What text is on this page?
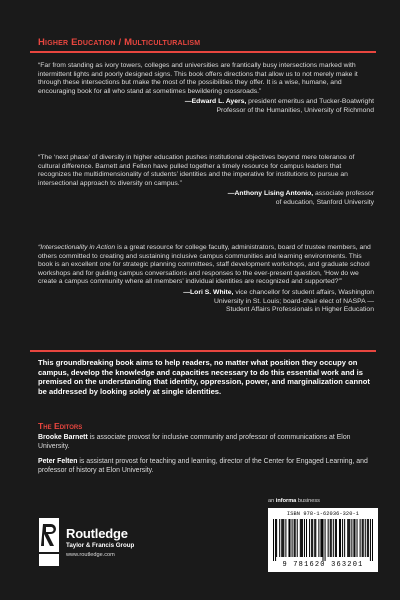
Higher Education / Multiculturalism
“Far from standing as ivory towers, colleges and universities are frantically busy intersections marked with intermittent lights and poorly designed signs. This book offers directions that allow us to not merely make it through these intersections but make the most of the possibilities they offer. It is a wise, humane, and encouraging book for all who stand at sometimes bewildering crossroads.”
—Edward L. Ayers, president emeritus and Tucker-Boatwright
Professor of the Humanities, University of Richmond
“The ‘next phase’ of diversity in higher education pushes institutional objectives beyond mere tolerance of cultural difference. Barnett and Felten have pulled together a timely resource for campus leaders that recognizes the multidimensionality of students’ identities and the imperative for institutions to pursue an intersectional approach to diversity on campus.”
—Anthony Lising Antonio, associate professor
of education, Stanford University
“Intersectionality in Action is a great resource for college faculty, administrators, board of trustee members, and others committed to creating and sustaining inclusive campus communities and learning environments. This book is an excellent one for strategic planning committees, staff development workshops, and graduate school workshops and for guiding campus conversations and responses to the ever-present question, ‘How do we create a campus community where all members’ individual identities are recognized and supported?’”
—Lori S. White, vice chancellor for student affairs, Washington
University in St. Louis; board-chair elect of NASPA —
Student Affairs Professionals in Higher Education
This groundbreaking book aims to help readers, no matter what position they occupy on campus, develop the knowledge and capacities necessary to do this essential work and is premised on the understanding that identity, oppression, power, and marginalization cannot be addressed by looking solely at single identities.
The Editors
Brooke Barnett is associate provost for inclusive community and professor of communications at Elon University.
Peter Felten is assistant provost for teaching and learning, director of the Center for Engaged Learning, and professor of history at Elon University.
Routledge
Taylor & Francis Group
www.routledge.com
an informa business
ISBN 978-1-62036-320-1
9 781620 363201
